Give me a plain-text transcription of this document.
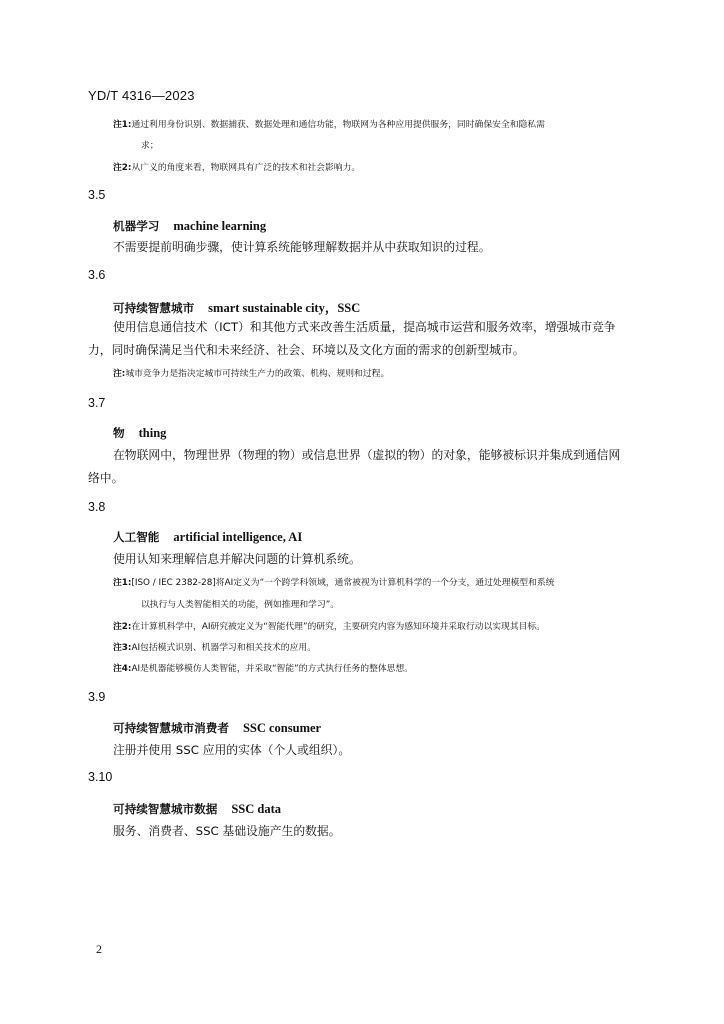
YD/T 4316—2023
注1:通过利用身份识别、数据捕获、数据处理和通信功能，物联网为各种应用提供服务，同时确保安全和隐私需
求；
注2:从广义的角度来看，物联网具有广泛的技术和社会影响力。
3.5
机器学习 machine learning
不需要提前明确步骤，使计算系统能够理解数据并从中获取知识的过程。
3.6
可持续智慧城市 smart sustainable city，SSC
使用信息通信技术（ICT）和其他方式来改善生活质量，提高城市运营和服务效率，增强城市竞争
力，同时确保满足当代和未来经济、社会、环境以及文化方面的需求的创新型城市。
注:城市竞争力是指决定城市可持续生产力的政策、机构、规则和过程。
3.7
物 thing
在物联网中，物理世界（物理的物）或信息世界（虚拟的物）的对象，能够被标识并集成到通信网
络中。
3.8
人工智能 artificial intelligence, AI
使用认知来理解信息并解决问题的计算机系统。
注1:[ISO / IEC 2382-28]将AI定义为“一个跨学科领域，通常被视为计算机科学的一个分支，通过处理模型和系统
以执行与人类智能相关的功能，例如推理和学习”。
注2:在计算机科学中，AI研究被定义为“智能代理”的研究，主要研究内容为感知环境并采取行动以实现其目标。
注3:AI包括模式识别、机器学习和相关技术的应用。
注4:AI是机器能够模仿人类智能，并采取“智能”的方式执行任务的整体思想。
3.9
可持续智慧城市消费者 SSC consumer
注册并使用 SSC 应用的实体（个人或组织）。
3.10
可持续智慧城市数据 SSC data
服务、消费者、SSC 基础设施产生的数据。
2
